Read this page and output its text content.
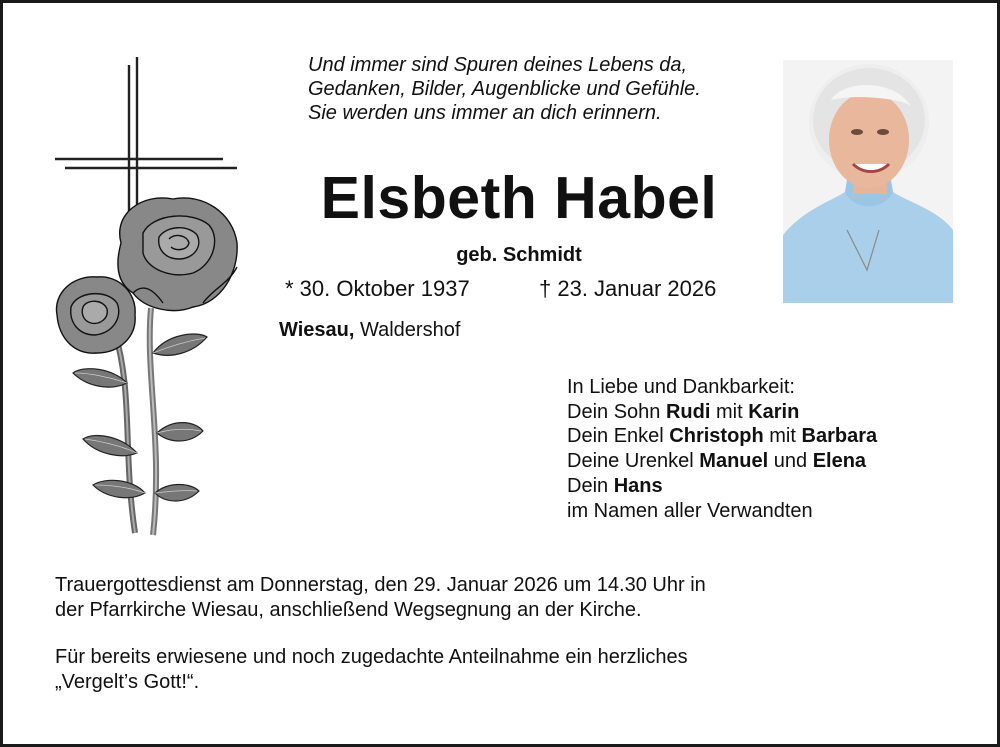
Und immer sind Spuren deines Lebens da,
Gedanken, Bilder, Augenblicke und Gefühle.
Sie werden uns immer an dich erinnern.
Elsbeth Habel
geb. Schmidt
* 30. Oktober 1937	† 23. Januar 2026
Wiesau, Waldershof
In Liebe und Dankbarkeit:
Dein Sohn Rudi mit Karin
Dein Enkel Christoph mit Barbara
Deine Urenkel Manuel und Elena
Dein Hans
im Namen aller Verwandten
Trauergottesdienst am Donnerstag, den 29. Januar 2026 um 14.30 Uhr in
der Pfarrkirche Wiesau, anschließend Wegsegnung an der Kirche.
Für bereits erwiesene und noch zugedachte Anteilnahme ein herzliches
„Vergelt’s Gott!“.
